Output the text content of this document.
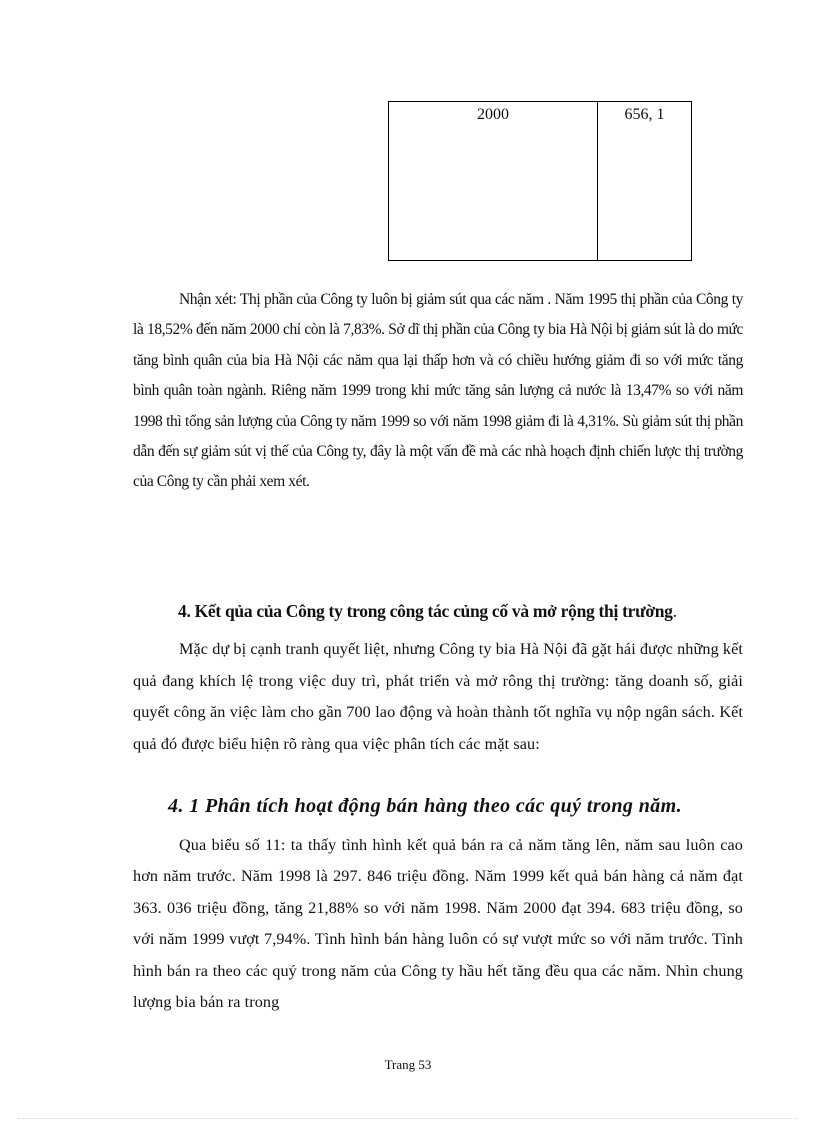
2000	656, 1

Nhận xét: Thị phần của Công ty luôn bị giảm sút qua các năm . Năm 1995 thị phần của Công ty là 18,52% đến năm 2000 chỉ còn là 7,83%. Sở dĩ thị phần của Công ty bia Hà Nội bị giảm sút là do mức tăng bình quân của bia Hà Nội các năm qua lại thấp hơn và có chiều hướng giảm đi so với mức tăng bình quân toàn ngành. Riêng năm 1999 trong khi mức tăng sản lượng cả nước là 13,47% so với năm 1998 thì tổng sản lượng của Công ty năm 1999 so với năm 1998 giảm đi là 4,31%. Sù giảm sút thị phần dẫn đến sự giảm sút vị thế của Công ty, đây là một vấn đề mà các nhà hoạch định chiến lược thị trường của Công ty cần phải xem xét.

4. Kết qủa của Công ty trong công tác củng cố và mở rộng thị trường.

Mặc dự bị cạnh tranh quyết liệt, nhưng Công ty bia Hà Nội đã gặt hái được những kết quả đang khích lệ trong việc duy trì, phát triển và mở rông thị trường: tăng doanh số, giải quyết công ăn việc làm cho gần 700 lao động và hoàn thành tốt nghĩa vụ nộp ngân sách. Kết quả đó được biểu hiện rõ ràng qua việc phân tích các mặt sau:

4. 1 Phân tích hoạt động bán hàng theo các quý trong năm.

Qua biểu số 11: ta thấy tình hình kết quả bán ra cả năm tăng lên, năm sau luôn cao hơn năm trước. Năm 1998 là 297. 846 triệu đồng. Năm 1999 kết quả bán hàng cả năm đạt 363. 036 triệu đồng, tăng 21,88% so với năm 1998. Năm 2000 đạt 394. 683 triệu đồng, so với năm 1999 vượt 7,94%. Tình hình bán hàng luôn có sự vượt mức so với năm trước. Tình hình bán ra theo các quý trong năm của Công ty hầu hết tăng đều qua các năm. Nhìn chung lượng bia bán ra trong

Trang 53
